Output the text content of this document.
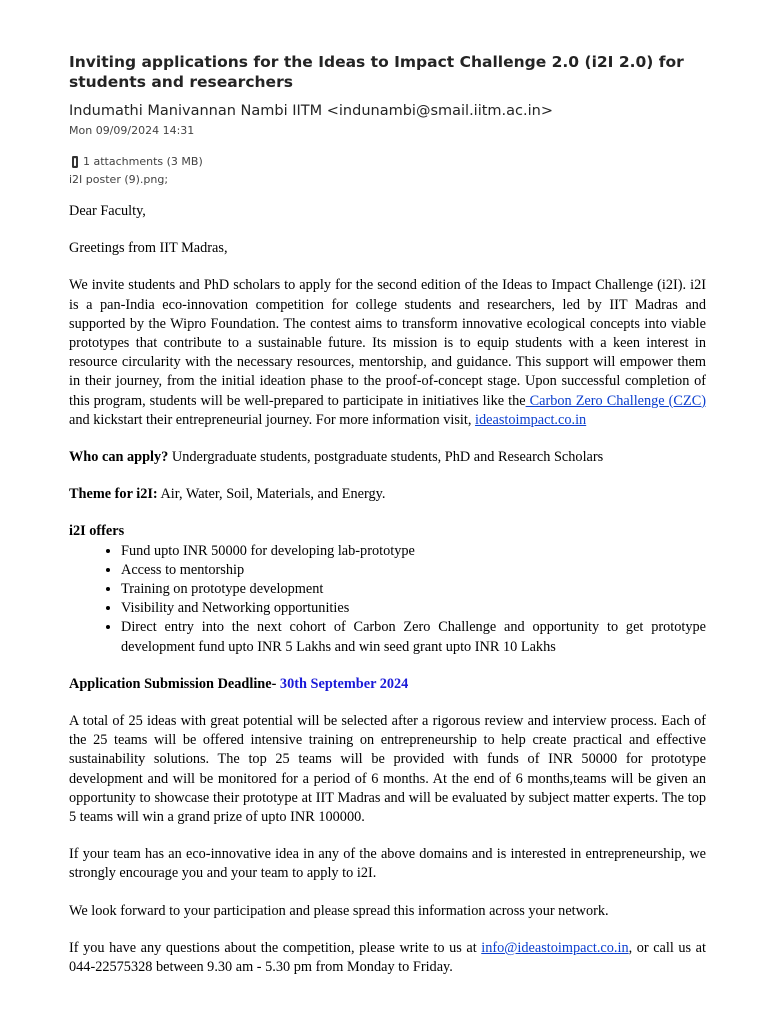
Inviting applications for the Ideas to Impact Challenge 2.0 (i2I 2.0) for students and researchers
Indumathi Manivannan Nambi IITM <indunambi@smail.iitm.ac.in>
Mon 09/09/2024 14:31
1 attachments (3 MB)
i2I poster (9).png;

Dear Faculty,

Greetings from IIT Madras,

We invite students and PhD scholars to apply for the second edition of the Ideas to Impact Challenge (i2I). i2I is a pan-India eco-innovation competition for college students and researchers, led by IIT Madras and supported by the Wipro Foundation. The contest aims to transform innovative ecological concepts into viable prototypes that contribute to a sustainable future. Its mission is to equip students with a keen interest in resource circularity with the necessary resources, mentorship, and guidance. This support will empower them in their journey, from the initial ideation phase to the proof-of-concept stage. Upon successful completion of this program, students will be well-prepared to participate in initiatives like the Carbon Zero Challenge (CZC) and kickstart their entrepreneurial journey. For more information visit, ideastoimpact.co.in

Who can apply? Undergraduate students, postgraduate students, PhD and Research Scholars

Theme for i2I: Air, Water, Soil, Materials, and Energy.

i2I offers
• Fund upto INR 50000 for developing lab-prototype
• Access to mentorship
• Training on prototype development
• Visibility and Networking opportunities
• Direct entry into the next cohort of Carbon Zero Challenge and opportunity to get prototype development fund upto INR 5 Lakhs and win seed grant upto INR 10 Lakhs

Application Submission Deadline- 30th September 2024

A total of 25 ideas with great potential will be selected after a rigorous review and interview process. Each of the 25 teams will be offered intensive training on entrepreneurship to help create practical and effective sustainability solutions. The top 25 teams will be provided with funds of INR 50000 for prototype development and will be monitored for a period of 6 months. At the end of 6 months,teams will be given an opportunity to showcase their prototype at IIT Madras and will be evaluated by subject matter experts. The top 5 teams will win a grand prize of upto INR 100000.

If your team has an eco-innovative idea in any of the above domains and is interested in entrepreneurship, we strongly encourage you and your team to apply to i2I.

We look forward to your participation and please spread this information across your network.

If you have any questions about the competition, please write to us at info@ideastoimpact.co.in, or call us at 044-22575328 between 9.30 am - 5.30 pm from Monday to Friday.
